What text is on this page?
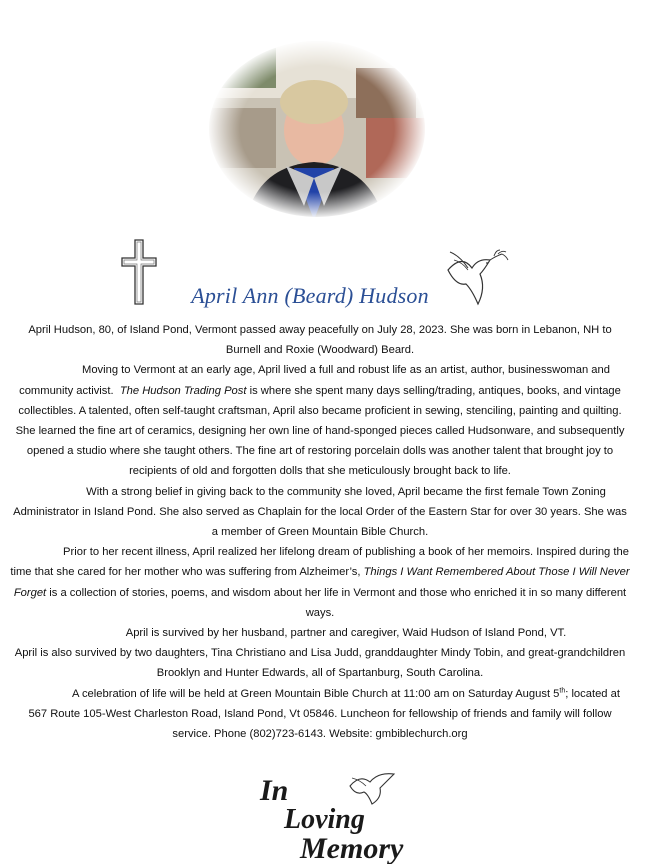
April Ann (Beard) Hudson

April Hudson, 80, of Island Pond, Vermont passed away peacefully on July 28, 2023. She was born in Lebanon, NH to Burnell and Roxie (Woodward) Beard.

Moving to Vermont at an early age, April lived a full and robust life as an artist, author, businesswoman and community activist. The Hudson Trading Post is where she spent many days selling/trading, antiques, books, and vintage collectibles. A talented, often self-taught craftsman, April also became proficient in sewing, stenciling, painting and quilting. She learned the fine art of ceramics, designing her own line of hand-sponged pieces called Hudsonware, and subsequently opened a studio where she taught others. The fine art of restoring porcelain dolls was another talent that brought joy to recipients of old and forgotten dolls that she meticulously brought back to life.

With a strong belief in giving back to the community she loved, April became the first female Town Zoning Administrator in Island Pond. She also served as Chaplain for the local Order of the Eastern Star for over 30 years. She was a member of Green Mountain Bible Church.

Prior to her recent illness, April realized her lifelong dream of publishing a book of her memoirs. Inspired during the time that she cared for her mother who was suffering from Alzheimer’s, Things I Want Remembered About Those I Will Never Forget is a collection of stories, poems, and wisdom about her life in Vermont and those who enriched it in so many different ways.

April is survived by her husband, partner and caregiver, Waid Hudson of Island Pond, VT.

April is also survived by two daughters, Tina Christiano and Lisa Judd, granddaughter Mindy Tobin, and great-grandchildren Brooklyn and Hunter Edwards, all of Spartanburg, South Carolina.

A celebration of life will be held at Green Mountain Bible Church at 11:00 am on Saturday August 5th; located at 567 Route 105-West Charleston Road, Island Pond, Vt 05846. Luncheon for fellowship of friends and family will follow service. Phone (802)723-6143. Website: gmbiblechurch.org

In
Loving
Memory
